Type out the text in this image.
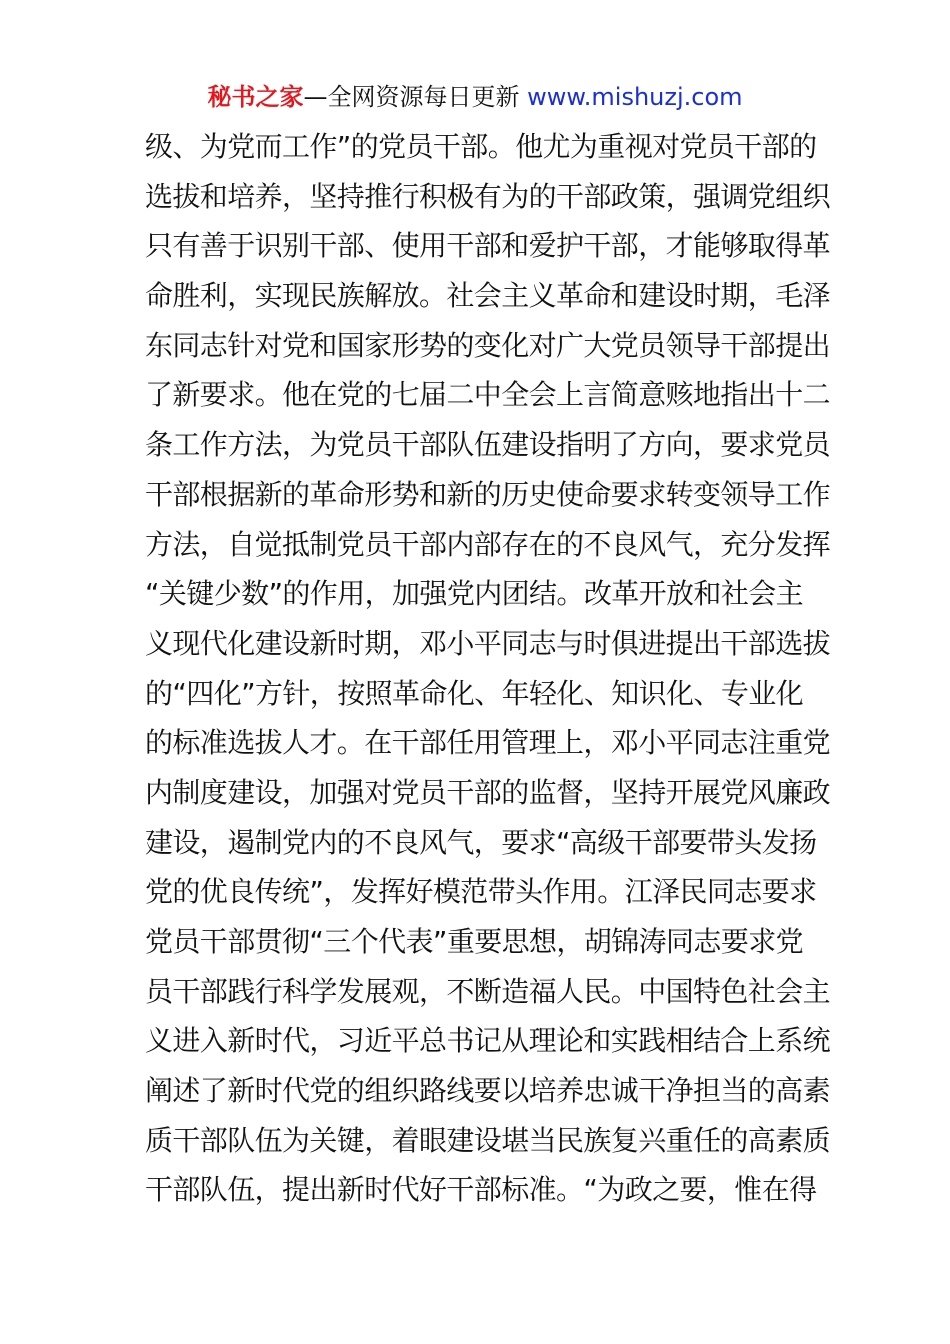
秘书之家—全网资源每日更新 www.mishuzj.com
级、为党而工作”的党员干部。他尤为重视对党员干部的
选拔和培养，坚持推行积极有为的干部政策，强调党组织
只有善于识别干部、使用干部和爱护干部，才能够取得革
命胜利，实现民族解放。社会主义革命和建设时期，毛泽
东同志针对党和国家形势的变化对广大党员领导干部提出
了新要求。他在党的七届二中全会上言简意赅地指出十二
条工作方法，为党员干部队伍建设指明了方向，要求党员
干部根据新的革命形势和新的历史使命要求转变领导工作
方法，自觉抵制党员干部内部存在的不良风气，充分发挥
“关键少数”的作用，加强党内团结。改革开放和社会主
义现代化建设新时期，邓小平同志与时俱进提出干部选拔
的“四化”方针，按照革命化、年轻化、知识化、专业化
的标准选拔人才。在干部任用管理上，邓小平同志注重党
内制度建设，加强对党员干部的监督，坚持开展党风廉政
建设，遏制党内的不良风气，要求“高级干部要带头发扬
党的优良传统”，发挥好模范带头作用。江泽民同志要求
党员干部贯彻“三个代表”重要思想，胡锦涛同志要求党
员干部践行科学发展观，不断造福人民。中国特色社会主
义进入新时代，习近平总书记从理论和实践相结合上系统
阐述了新时代党的组织路线要以培养忠诚干净担当的高素
质干部队伍为关键，着眼建设堪当民族复兴重任的高素质
干部队伍，提出新时代好干部标准。“为政之要，惟在得
